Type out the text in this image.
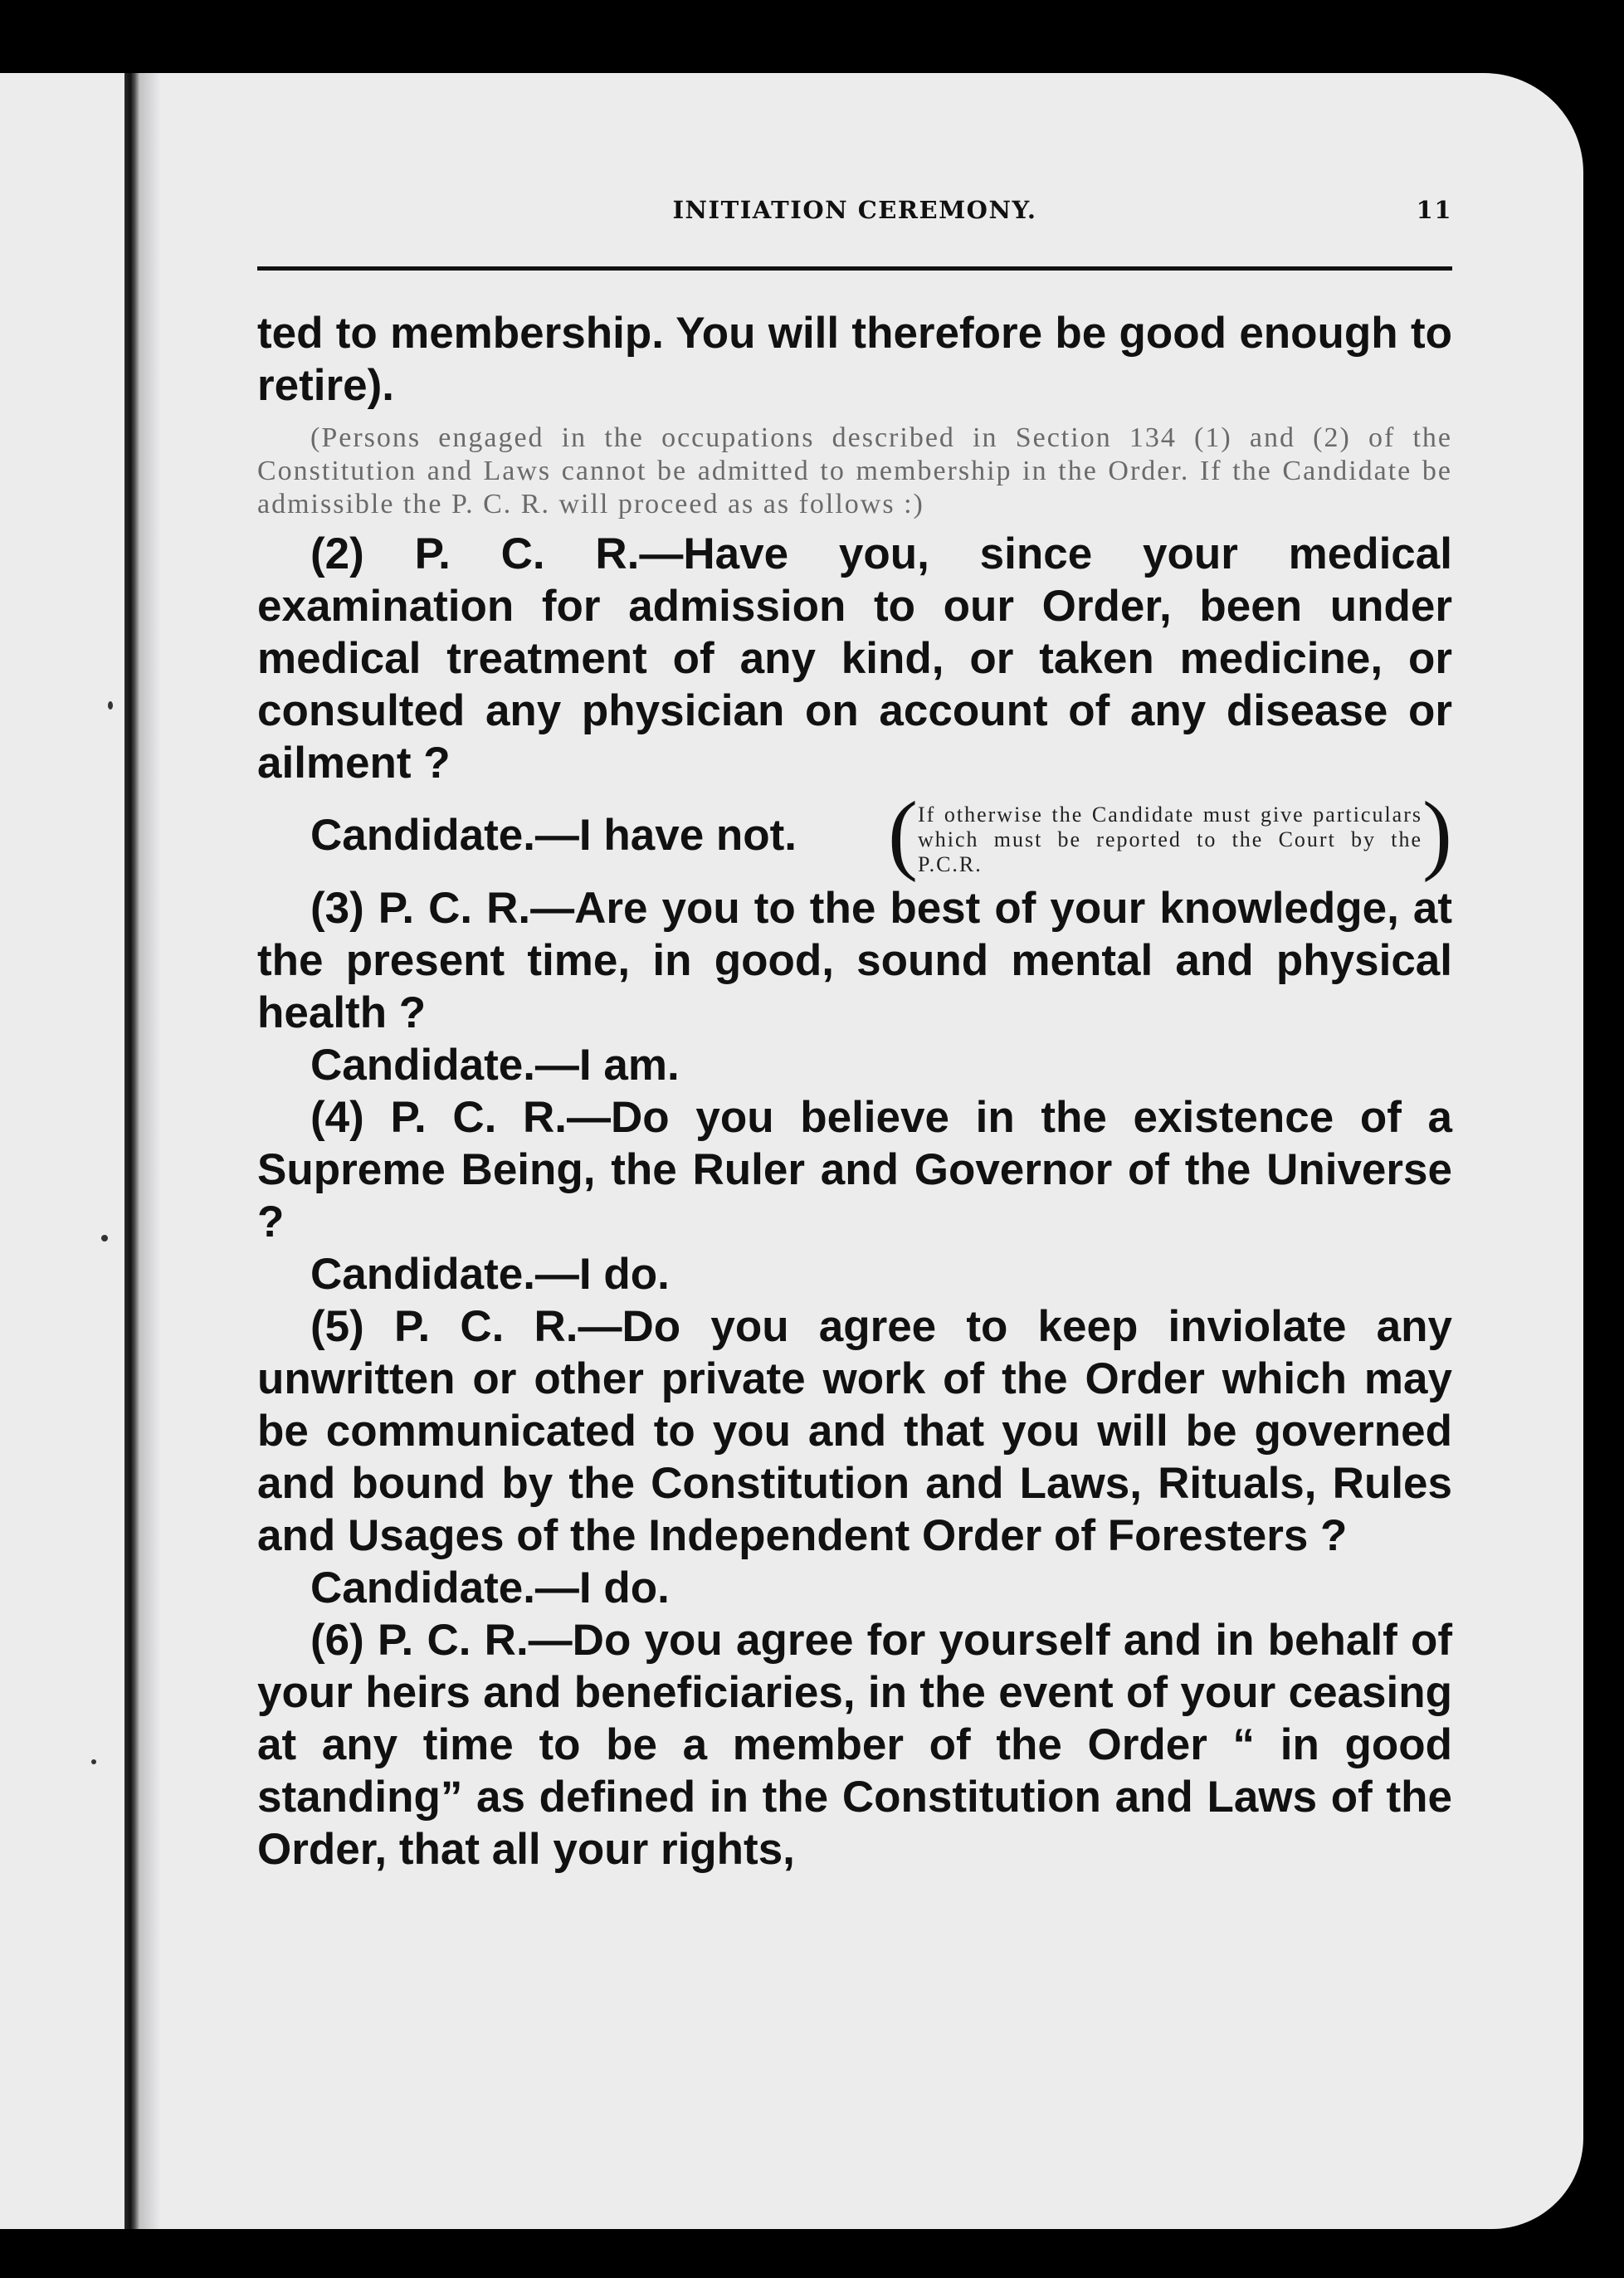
INITIATION CEREMONY.	11

ted to membership. You will therefore be good enough to retire).

(Persons engaged in the occupations described in Section 134 (1) and (2) of the Constitution and Laws cannot be admitted to membership in the Order. If the Candidate be admissible the P. C. R. will proceed as as follows :)

(2) P. C. R.—Have you, since your medical examination for admission to our Order, been under medical treatment of any kind, or taken medicine, or consulted any physician on account of any disease or ailment ?

Candidate.—I have not. ( If otherwise the Candidate must give particulars which must be reported to the Court by the P.C.R.	)

(3) P. C. R.—Are you to the best of your knowledge, at the present time, in good, sound mental and physical health ?

Candidate.—I am.

(4) P. C. R.—Do you believe in the existence of a Supreme Being, the Ruler and Governor of the Universe ?

Candidate.—I do.

(5) P. C. R.—Do you agree to keep inviolate any unwritten or other private work of the Order which may be communicated to you and that you will be governed and bound by the Constitution and Laws, Rituals, Rules and Usages of the Independent Order of Foresters ?

Candidate.—I do.

(6) P. C. R.—Do you agree for yourself and in behalf of your heirs and beneficiaries, in the event of your ceasing at any time to be a member of the Order “ in good standing” as defined in the Constitution and Laws of the Order, that all your rights,
